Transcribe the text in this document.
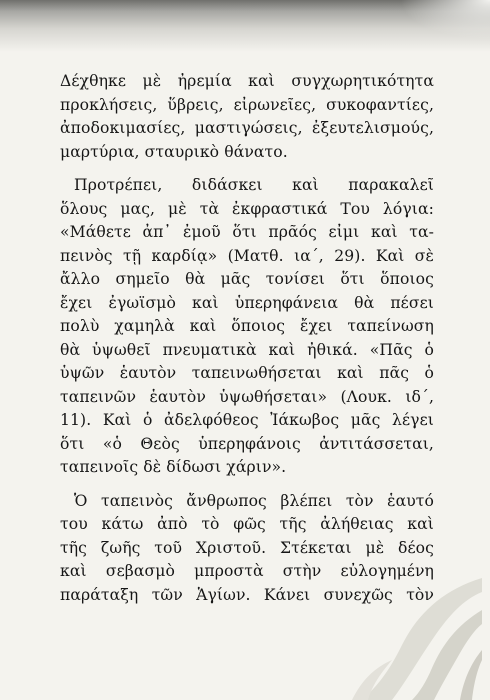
Δέχθηκε μὲ ἠρεμία καὶ συγχωρητικότητα
προκλήσεις, ὕβρεις, εἰρωνεῖες, συκοφαντίες,
ἀποδοκιμασίες, μαστιγώσεις, ἐξευτελισμούς,
μαρτύρια, σταυρικὸ θάνατο.
Προτρέπει, διδάσκει καὶ παρακαλεῖ
ὅλους μας, μὲ τὰ ἐκφραστικά Του λόγια:
«Μάθετε ἀπ᾿ ἐμοῦ ὅτι πρᾶός εἰμι καὶ τα-
πεινὸς τῇ καρδίᾳ» (Ματθ. ια΄, 29). Καὶ σὲ
ἄλλο σημεῖο θὰ μᾶς τονίσει ὅτι ὅποιος
ἔχει ἐγωϊσμὸ καὶ ὑπερηφάνεια θὰ πέσει
πολὺ χαμηλὰ καὶ ὅποιος ἔχει ταπείνωση
θὰ ὑψωθεῖ πνευματικὰ καὶ ἠθικά. «Πᾶς ὁ
ὑψῶν ἑαυτὸν ταπεινωθήσεται καὶ πᾶς ὁ
ταπεινῶν ἑαυτὸν ὑψωθήσεται» (Λουκ. ιδ΄,
11). Καὶ ὁ ἀδελφόθεος Ἰάκωβος μᾶς λέγει
ὅτι «ὁ Θεὸς ὑπερηφάνοις ἀντιτάσσεται,
ταπεινοῖς δὲ δίδωσι χάριν».
Ὁ ταπεινὸς ἄνθρωπος βλέπει τὸν ἑαυτό
του κάτω ἀπὸ τὸ φῶς τῆς ἀλήθειας καὶ
τῆς ζωῆς τοῦ Χριστοῦ. Στέκεται μὲ δέος
καὶ σεβασμὸ μπροστὰ στὴν εὐλογημένη
παράταξη τῶν Ἁγίων. Κάνει συνεχῶς τὸν
